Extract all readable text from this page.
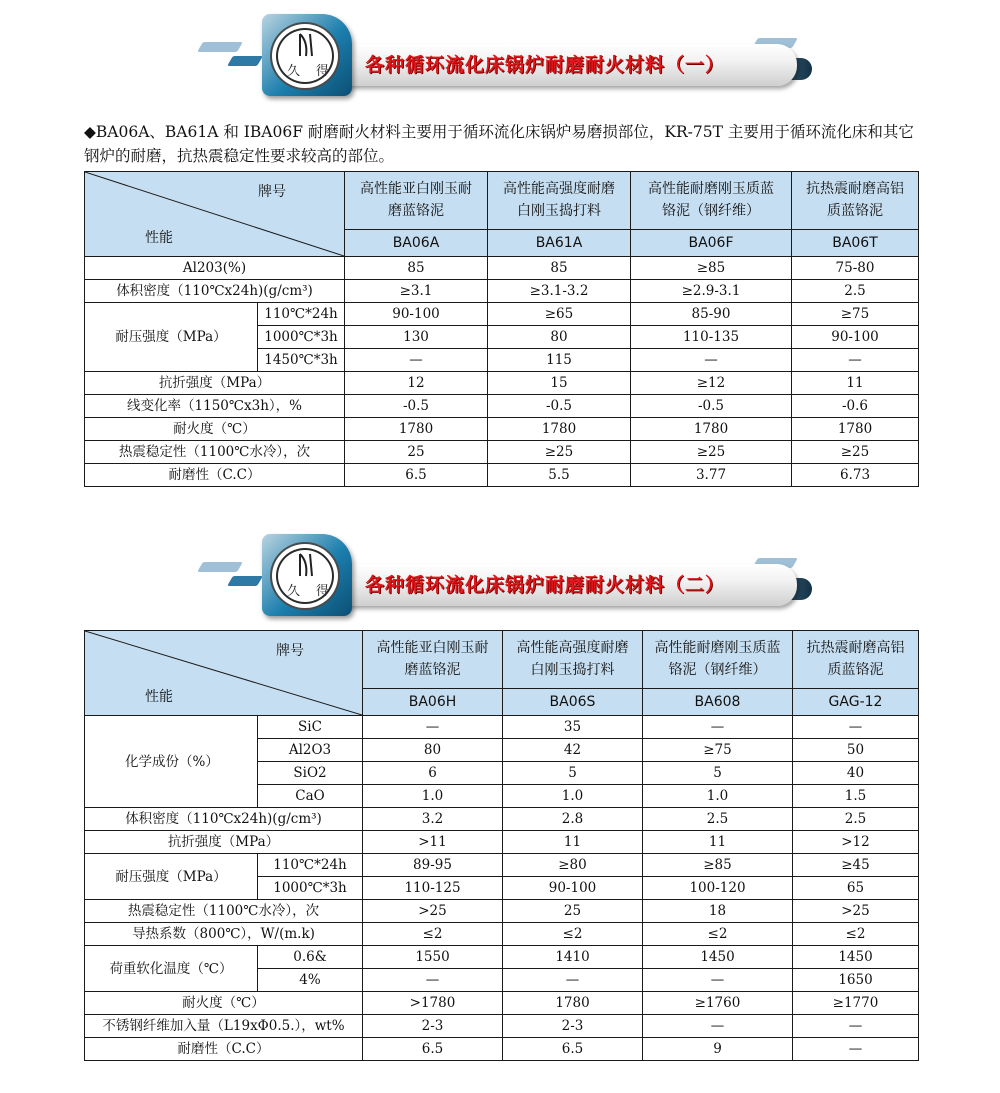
久 得 各种循环流化床锅炉耐磨耐火材料（一）
◆BA06A、BA61A 和 IBA06F 耐磨耐火材料主要用于循环流化床锅炉易磨损部位，KR-75T 主要用于循环流化床和其它钢炉的耐磨，抗热震稳定性要求较高的部位。
牌号
性能		高性能亚白刚玉耐磨蓝铬泥	高性能高强度耐磨白刚玉捣打料	高性能耐磨刚玉质蓝铬泥（钢纤维）	抗热震耐磨高铝质蓝铬泥
		BA06A	BA61A	BA06F	BA06T
Al203(%)		85	85	≥85	75-80
体积密度（110℃x24h)(g/cm³)		≥3.1	≥3.1-3.2	≥2.9-3.1	2.5
耐压强度（MPa）	110℃*24h	90-100	≥65	85-90	≥75
	1000℃*3h	130	80	110-135	90-100
	1450℃*3h	—	115	—	—
抗折强度（MPa）		12	15	≥12	11
线变化率（1150℃x3h），%		-0.5	-0.5	-0.5	-0.6
耐火度（℃）		1780	1780	1780	1780
热震稳定性（1100℃水冷），次		25	≥25	≥25	≥25
耐磨性（C.C）		6.5	5.5	3.77	6.73
久 得 各种循环流化床锅炉耐磨耐火材料（二）
牌号
性能		高性能亚白刚玉耐磨蓝铬泥	高性能高强度耐磨白刚玉捣打料	高性能耐磨刚玉质蓝铬泥（钢纤维）	抗热震耐磨高铝质蓝铬泥
		BA06H	BA06S	BA608	GAG-12
化学成份（%）	SiC	—	35	—	—
	Al2O3	80	42	≥75	50
	SiO2	6	5	5	40
	CaO	1.0	1.0	1.0	1.5
体积密度（110℃x24h)(g/cm³)		3.2	2.8	2.5	2.5
抗折强度（MPa）		>11	11	11	>12
耐压强度（MPa）	110℃*24h	89-95	≥80	≥85	≥45
	1000℃*3h	110-125	90-100	100-120	65
热震稳定性（1100℃水冷），次		>25	25	18	>25
导热系数（800℃），W/(m.k)		≤2	≤2	≤2	≤2
荷重软化温度（℃）	0.6&	1550	1410	1450	1450
	4%	—	—	—	1650
耐火度（℃）		>1780	1780	≥1760	≥1770
不锈钢纤维加入量（L19xΦ0.5.），wt%		2-3	2-3	—	—
耐磨性（C.C）		6.5	6.5	9	—
